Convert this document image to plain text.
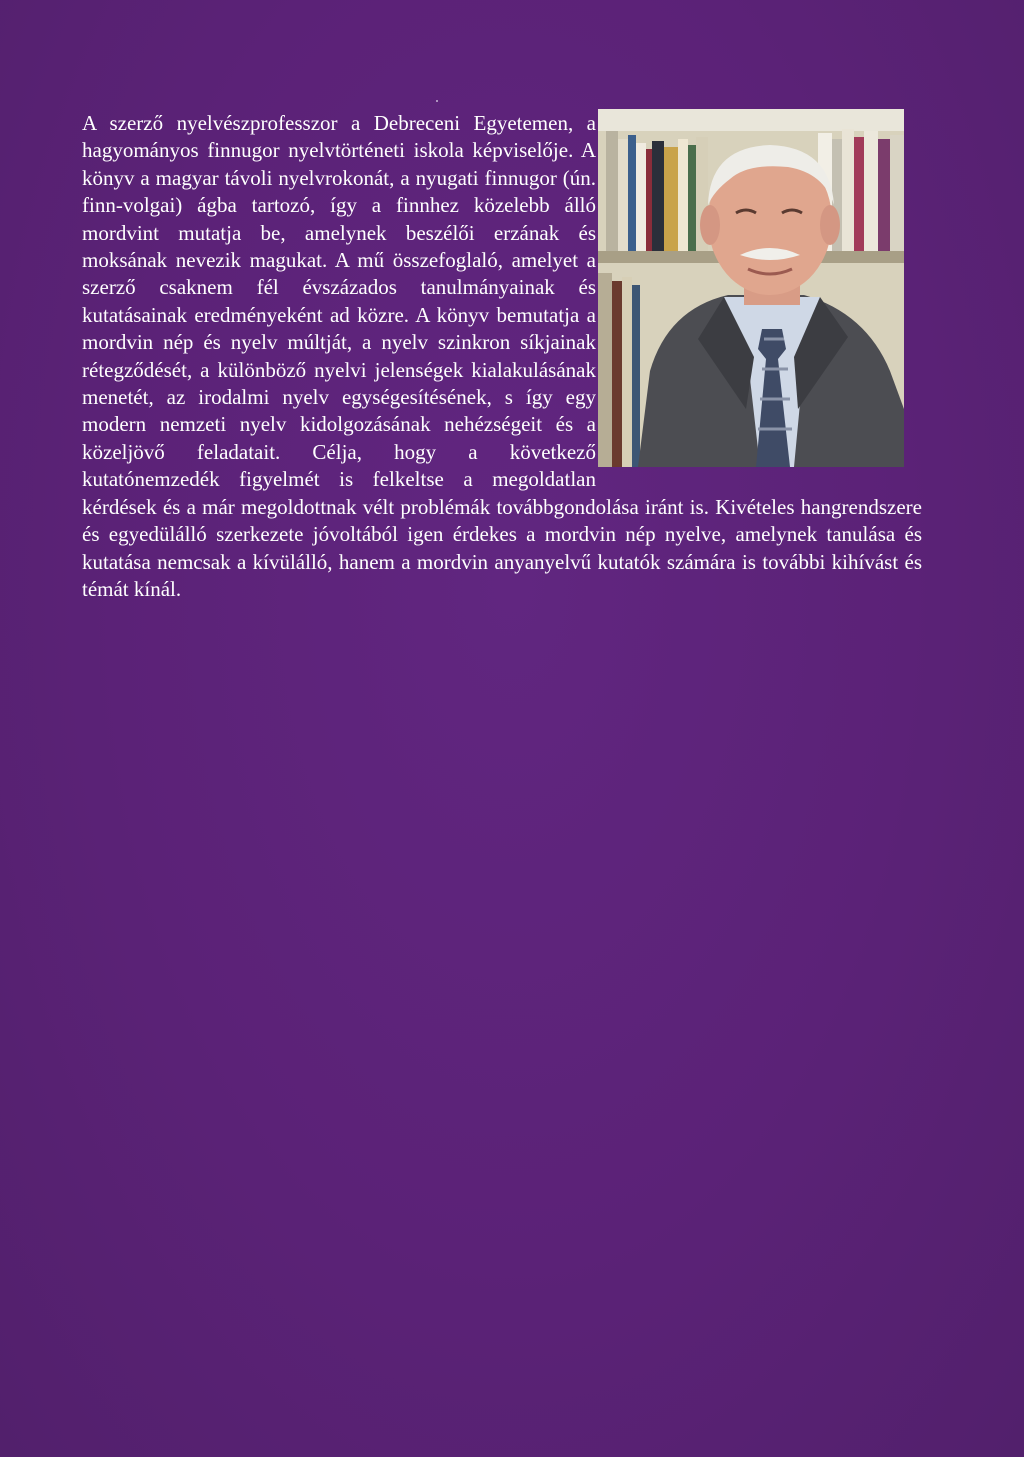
A szerző nyelvészprofesszor a Debreceni Egyetemen, a hagyományos finnugor nyelvtörténeti iskola képviselője. A könyv a magyar távoli nyelvrokonát, a nyugati finnugor (ún. finn-volgai) ágba tartozó, így a finnhez közelebb álló mordvint mutatja be, amelynek beszélői erzának és moksának nevezik magukat. A mű összefoglaló, amelyet a szerző csaknem fél évszázados tanulmányainak és kutatásainak eredményeként ad közre. A könyv bemutatja a mordvin nép és nyelv múltját, a nyelv szinkron síkjainak rétegződését, a különböző nyelvi jelenségek kialakulásának menetét, az irodalmi nyelv egységesítésének, s így egy modern nemzeti nyelv kidolgozásának nehézségeit és a közeljövő feladatait. Célja, hogy a következő kutatónemzedék figyelmét is felkeltse a megoldatlan kérdések és a már megoldottnak vélt problémák továbbgondolása iránt is. Kivételes hangrendszere és egyedülálló szerkezete jóvoltából igen érdekes a mordvin nép nyelve, amelynek tanulása és kutatása nemcsak a kívülálló, hanem a mordvin anyanyelvű kutatók számára is további kihívást és témát kínál.
